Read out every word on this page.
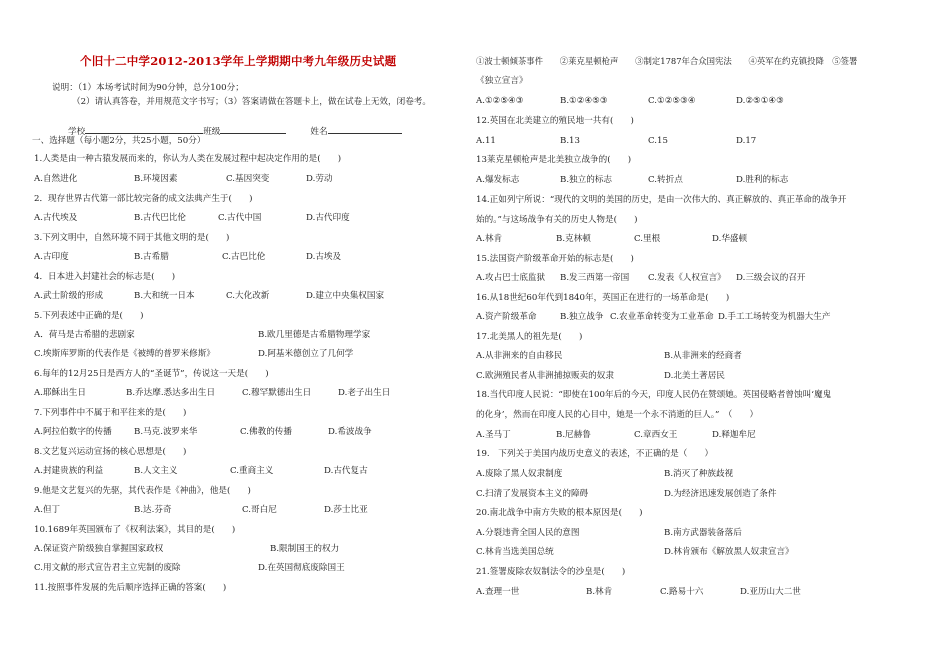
个旧十二中学2012-2013学年上学期期中考九年级历史试题
说明：（1）本场考试时间为90分钟，总分100分；
（2）请认真答卷，并用规范文字书写；（3）答案请做在答题卡上，做在试卷上无效，闭卷考。
学校	班级	姓名
一、选择题（每小题2分，共25小题，50分）
1.人类是由一种古猿发展而来的，你认为人类在发展过程中起决定作用的是(　　)
A.自然进化	B.环境因素	C.基因突变	D.劳动
2．现存世界古代第一部比较完备的成文法典产生于(　　)
A.古代埃及	B.古代巴比伦	C.古代中国	D.古代印度
3.下列文明中，自然环境不同于其他文明的是(　　)
A.古印度	B.古希腊	C.古巴比伦	D.古埃及
4．日本进入封建社会的标志是(　　)
A.武士阶级的形成	B.大和统一日本	C.大化改新	D.建立中央集权国家
5.下列表述中正确的是(　　)
A．荷马是古希腊的悲剧家	B.欧几里德是古希腊物理学家
C.埃斯库罗斯的代表作是《被缚的普罗米修斯》	D.阿基米德创立了几何学
6.每年的12月25日是西方人的“圣诞节”，传说这一天是(　　)
A.耶稣出生日	B.乔达摩.悉达多出生日	C.穆罕默德出生日	D.老子出生日
7.下列事件中不属于和平往来的是(　　)
A.阿拉伯数字的传播	B.马克.波罗来华	C.佛教的传播	D.希波战争
8.文艺复兴运动宣扬的核心思想是(　　)
A.封建贵族的利益	B.人文主义	C.重商主义	D.古代复古
9.他是文艺复兴的先驱，其代表作是《神曲》，他是(　　)
A.但丁	B.达.芬奇	C.哥白尼	D.莎士比亚
10.1689年英国颁布了《权利法案》，其目的是(　　)
A.保证资产阶级独自掌握国家政权	B.限制国王的权力
C.用文献的形式宣告君主立宪制的废除	D.在英国彻底废除国王
11.按照事件发展的先后顺序选择正确的答案(　　)
①波士顿倾茶事件　　②莱克星顿枪声　　③制定1787年合众国宪法　　④英军在约克镇投降　⑤签署
《独立宣言》
A.①②⑤④③	B.①②④⑤③	C.①②⑤③④	D.②⑤①④③
12.英国在北美建立的殖民地一共有(　　)
A.11	B.13	C.15	D.17
13莱克星顿枪声是北美独立战争的(　　)
A.爆发标志	B.独立的标志	C.转折点	D.胜利的标志
14.正如列宁所说：“现代的文明的美国的历史，是由一次伟大的、真正解放的、真正革命的战争开
始的。”与这场战争有关的历史人物是(　　)
A.林肯	B.克林顿	C.里根	D.华盛顿
15.法国资产阶级革命开始的标志是(　　)
A.攻占巴士底监狱 B.发三西第一帝国 C.发表《人权宣言》 D.三级会议的召开
16.从18世纪60年代到1840年，英国正在进行的一场革命是(　　)
A.资产阶级革命	B.独立战争 C.农业革命转变为工业革命 D.手工工场转变为机器大生产
17.北美黑人的祖先是(　　)
A.从非洲来的自由移民	B.从非洲来的经商者
C.欧洲殖民者从非洲捕掠贩卖的奴隶	D.北美土著居民
18.当代印度人民说：“即使在100年后的今天，印度人民仍在赞颂她。英国侵略者曾蚀叫‘魔鬼
的化身’，然而在印度人民的心目中，她是一个永不消逝的巨人。”　（　　）
A.圣马丁	B.尼赫鲁	C.章西女王	D.释迦牟尼
19.　下列关于美国内战历史意义的表述，不正确的是（　　）
A.废除了黑人奴隶制度	B.消灭了种族歧视
C.扫清了发展资本主义的障碍	D.为经济迅速发展创造了条件
20.南北战争中南方失败的根本原因是(　　)
A.分裂违背全国人民的意图	B.南方武器装备落后
C.林肯当选美国总统	D.林肯颁布《解放黑人奴隶宣言》
21.签署废除农奴制法令的沙皇是(　　)
A.查理一世	B.林肯	C.路易十六	D.亚历山大二世
